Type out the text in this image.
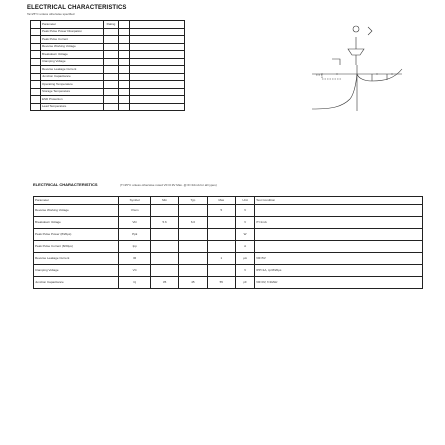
ELECTRICAL CHARACTERISTICS
Ta=25°C unless otherwise specified
	Parameter	Rating		
	Peak Pulse Power Dissipation			
	Peak Pulse Current			
	Reverse Working Voltage			
	Breakdown Voltage			
	Clamping Voltage			
	Reverse Leakage Current			
	Junction Capacitance			
	Operating Temperature			
	Storage Temperature			
	ESD Protection			
	Lead Temperature			
ELECTRICAL CHARACTERISTICS	(T=25°C unless otherwise noted VF=0.9V Max. @ IF=10mA for all types)
Parameter	Symbol	Min	Typ	Max	Unit	Test Condition
Reverse Working Voltage	Vrwm			5	V	
Breakdown Voltage	Vbr	5.6	6.0		V	IT=1mA
Peak Pulse Power (8/20μs)	Ppk				W	
Peak Pulse Current (8/20μs)	Ipp				A	
Reverse Leakage Current	IR			1	μA	VR=5V
Clamping Voltage	VC				V	IPP=1A, tp=8/20μs
Junction Capacitance	Cj	35	45	55	pF	VR=0V, f=1MHz
